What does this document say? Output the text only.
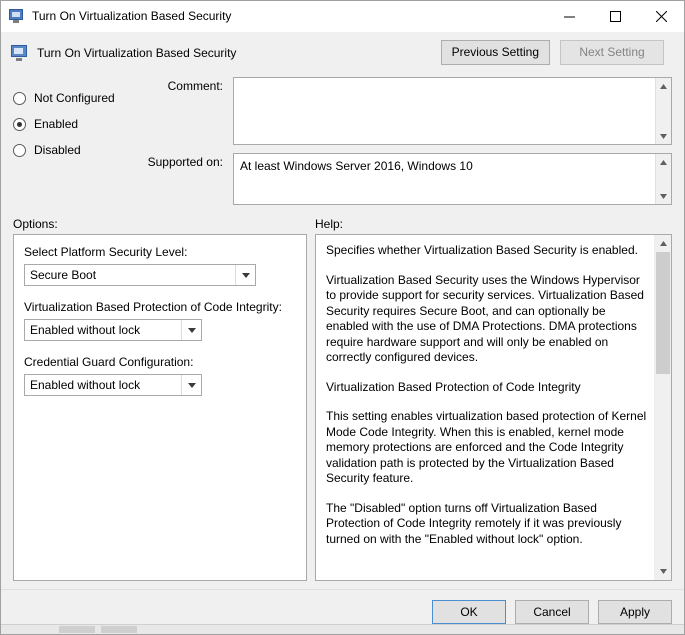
Turn On Virtualization Based Security
Turn On Virtualization Based Security	Previous Setting	Next Setting
Not Configured
Enabled
Disabled
Comment:
Supported on:	At least Windows Server 2016, Windows 10
Options:	Help:
Select Platform Security Level:
Secure Boot
Virtualization Based Protection of Code Integrity:
Enabled without lock
Credential Guard Configuration:
Enabled without lock

Specifies whether Virtualization Based Security is enabled.

Virtualization Based Security uses the Windows Hypervisor to provide support for security services. Virtualization Based Security requires Secure Boot, and can optionally be enabled with the use of DMA Protections. DMA protections require hardware support and will only be enabled on correctly configured devices.

Virtualization Based Protection of Code Integrity

This setting enables virtualization based protection of Kernel Mode Code Integrity. When this is enabled, kernel mode memory protections are enforced and the Code Integrity validation path is protected by the Virtualization Based Security feature.

The "Disabled" option turns off Virtualization Based Protection of Code Integrity remotely if it was previously turned on with the "Enabled without lock" option.

OK	Cancel	Apply
